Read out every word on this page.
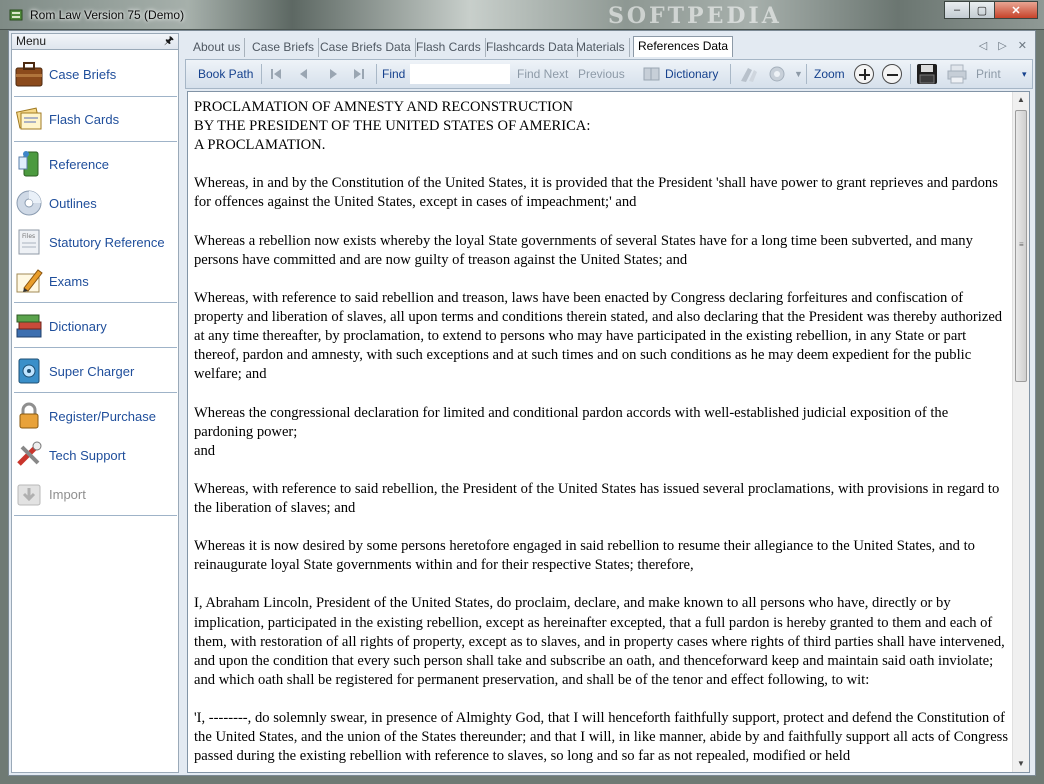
Rom Law Version 75 (Demo)	SOFTPEDIA	–	▢	✕
Menu	🖈
Case Briefs
Flash Cards
Reference
Outlines
Files Statutory Reference
Exams
Dictionary
Super Charger
Register/Purchase
Tech Support
Import
About us Case Briefs Case Briefs Data Flash Cards Flashcards Data Materials	References Data	◁ ▷ ✕
Book Path	Find	Find Next Previous	Dictionary	▼ Zoom	Print ▾

PROCLAMATION OF AMNESTY AND RECONSTRUCTION

BY THE PRESIDENT OF THE UNITED STATES OF AMERICA:

A PROCLAMATION.

Whereas, in and by the Constitution of the United States, it is provided that the President 'shall have power to grant reprieves and pardons for offences against the United States, except in cases of impeachment;' and

Whereas a rebellion now exists whereby the loyal State governments of several States have for a long time been subverted, and many persons have committed and are now guilty of treason against the United States; and

Whereas, with reference to said rebellion and treason, laws have been enacted by Congress declaring forfeitures and confiscation of property and liberation of slaves, all upon terms and conditions therein stated, and also declaring that the President was thereby authorized at any time thereafter, by proclamation, to extend to persons who may have participated in the existing rebellion, in any State or part thereof, pardon and amnesty, with such exceptions and at such times and on such conditions as he may deem expedient for the public welfare; and

Whereas the congressional declaration for limited and conditional pardon accords with well-established judicial exposition of the pardoning power;

and

Whereas, with reference to said rebellion, the President of the United States has issued several proclamations, with provisions in regard to the liberation of slaves; and

Whereas it is now desired by some persons heretofore engaged in said rebellion to resume their allegiance to the United States, and to reinaugurate loyal State governments within and for their respective States; therefore,

I, Abraham Lincoln, President of the United States, do proclaim, declare, and make known to all persons who have, directly or by implication, participated in the existing rebellion, except as hereinafter excepted, that a full pardon is hereby granted to them and each of them, with restoration of all rights of property, except as to slaves, and in property cases where rights of third parties shall have intervened, and upon the condition that every such person shall take and subscribe an oath, and thenceforward keep and maintain said oath inviolate; and which oath shall be registered for permanent preservation, and shall be of the tenor and effect following, to wit:

'I, --------, do solemnly swear, in presence of Almighty God, that I will henceforth faithfully support, protect and defend the Constitution of the United States, and the union of the States thereunder; and that I will, in like manner, abide by and faithfully support all acts of Congress passed during the existing rebellion with reference to slaves, so long and so far as not repealed, modified or held

▲
≡
▼
